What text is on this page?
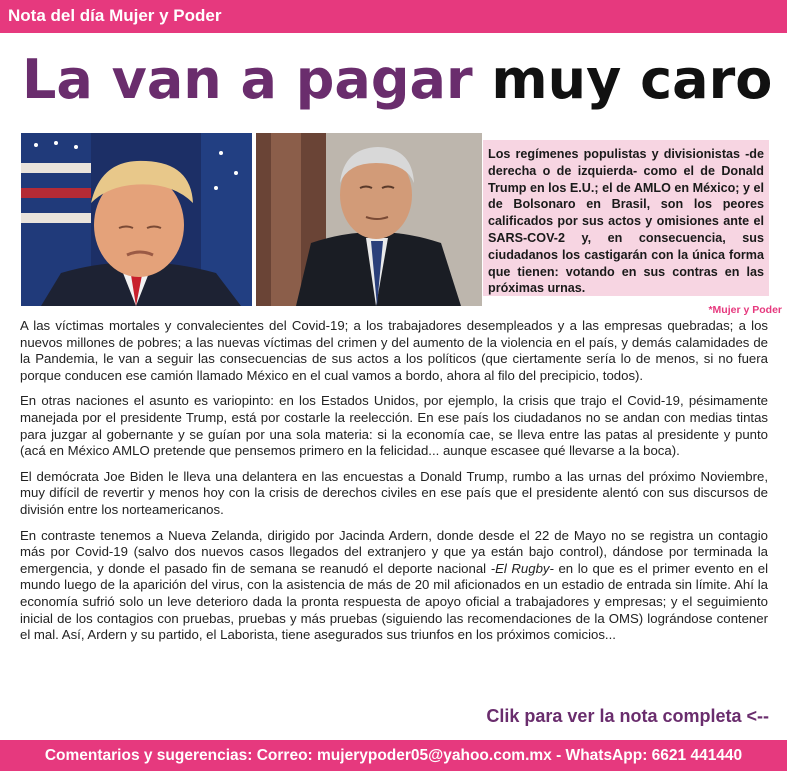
Nota del día Mujer y Poder
La van a pagar muy caro
Los regímenes populistas y divisionistas -de derecha o de izquierda- como el de Donald Trump en los E.U.; el de AMLO en México; y el de Bolsonaro en Brasil, son los peores calificados por sus actos y omisiones ante el SARS-COV-2 y, en consecuencia, sus ciudadanos los castigarán con la única forma que tienen: votando en sus contras en las próximas urnas.
*Mujer y Poder

A las víctimas mortales y convalecientes del Covid-19; a los trabajadores desempleados y a las empresas quebradas; a los nuevos millones de pobres; a las nuevas víctimas del crimen y del aumento de la violencia en el país, y demás calamidades de la Pandemia, le van a seguir las consecuencias de sus actos a los políticos (que ciertamente sería lo de menos, si no fuera porque conducen ese camión llamado México en el cual vamos a bordo, ahora al filo del precipicio, todos).

En otras naciones el asunto es variopinto: en los Estados Unidos, por ejemplo, la crisis que trajo el Covid-19, pésimamente manejada por el presidente Trump, está por costarle la reelección. En ese país los ciudadanos no se andan con medias tintas para juzgar al gobernante y se guían por una sola materia: si la economía cae, se lleva entre las patas al presidente y punto (acá en México AMLO pretende que pensemos primero en la felicidad... aunque escasee qué llevarse a la boca).

El demócrata Joe Biden le lleva una delantera en las encuestas a Donald Trump, rumbo a las urnas del próximo Noviembre, muy difícil de revertir y menos hoy con la crisis de derechos civiles en ese país que el presidente alentó con sus discursos de división entre los norteamericanos.

En contraste tenemos a Nueva Zelanda, dirigido por Jacinda Ardern, donde desde el 22 de Mayo no se registra un contagio más por Covid-19 (salvo dos nuevos casos llegados del extranjero y que ya están bajo control), dándose por terminada la emergencia, y donde el pasado fin de semana se reanudó el deporte nacional -El Rugby- en lo que es el primer evento en el mundo luego de la aparición del virus, con la asistencia de más de 20 mil aficionados en un estadio de entrada sin límite. Ahí la economía sufrió solo un leve deterioro dada la pronta respuesta de apoyo oficial a trabajadores y empresas; y el seguimiento inicial de los contagios con pruebas, pruebas y más pruebas (siguiendo las recomendaciones de la OMS) lográndose contener el mal. Así, Ardern y su partido, el Laborista, tiene asegurados sus triunfos en los próximos comicios...

Clik para ver la nota completa <--
Comentarios y sugerencias: Correo: mujerypoder05@yahoo.com.mx - WhatsApp: 6621 441440
